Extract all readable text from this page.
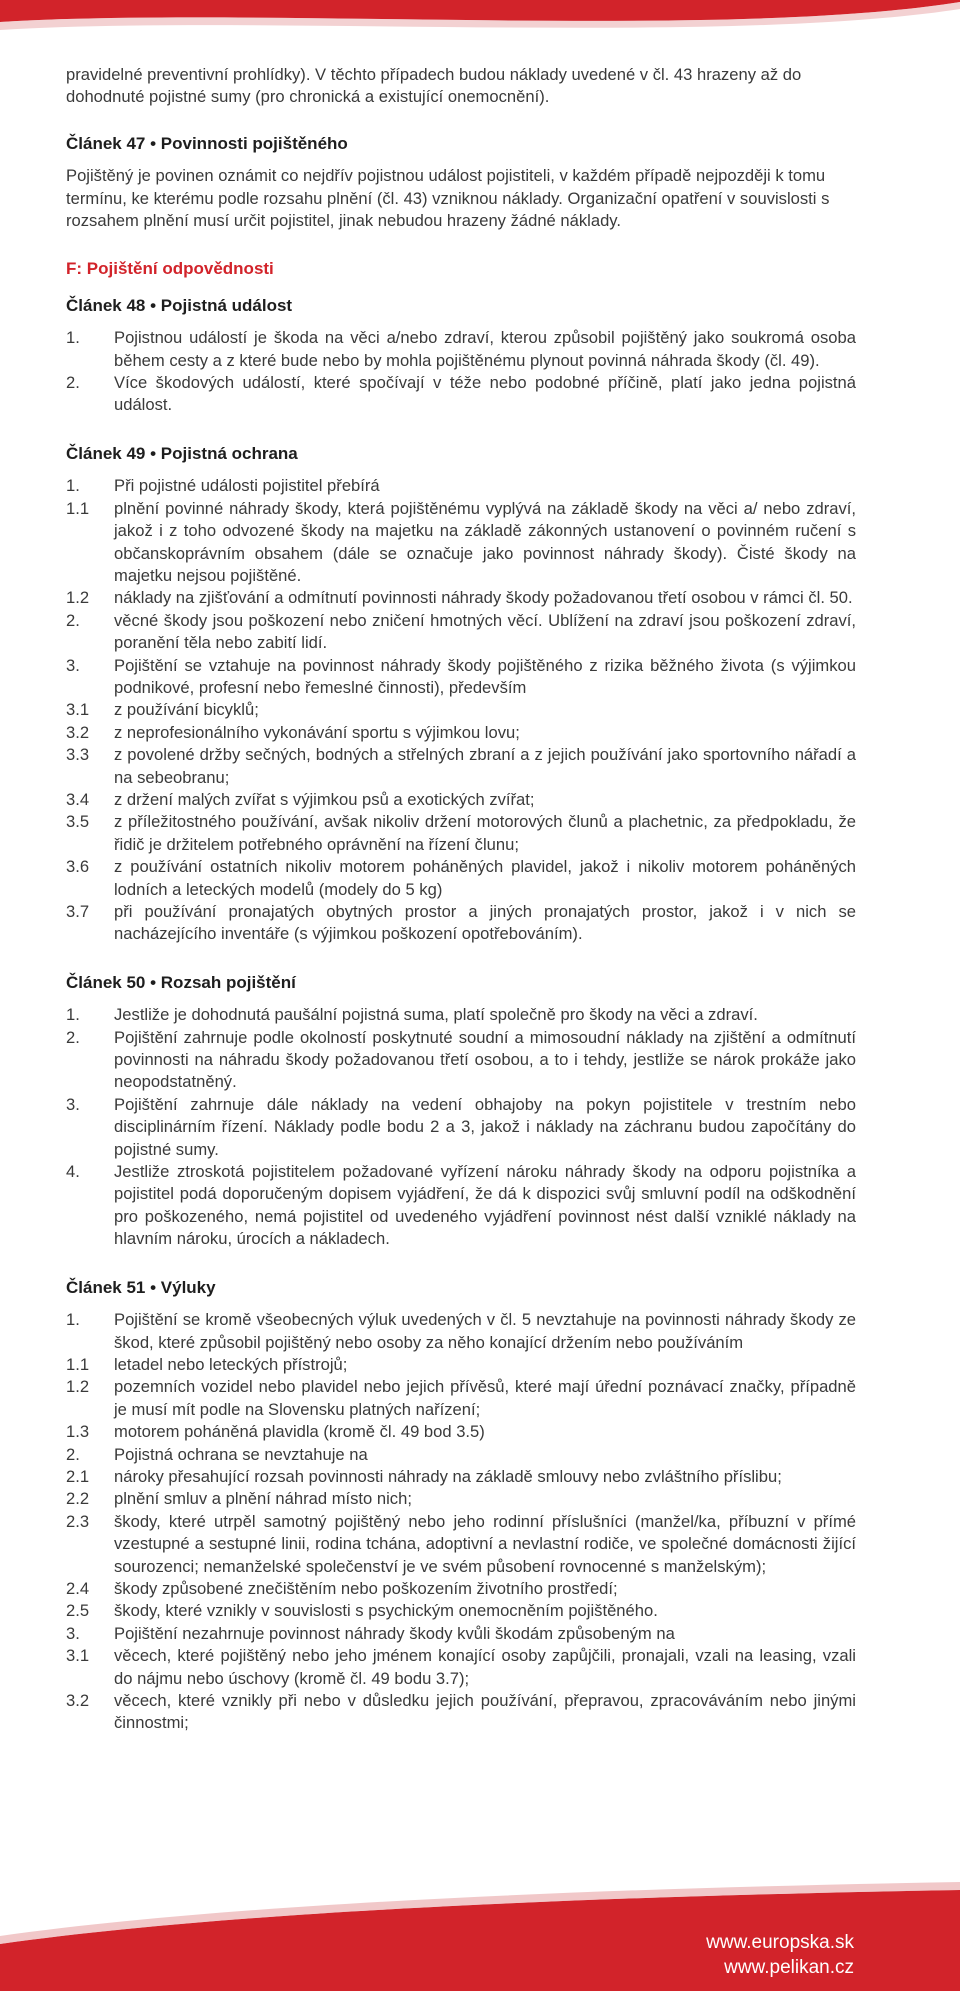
pravidelné preventivní prohlídky). V těchto případech budou náklady uvedené v čl. 43 hrazeny až do dohodnuté pojistné sumy (pro chronická a existující onemocnění).

Článek 47 • Povinnosti pojištěného

Pojištěný je povinen oznámit co nejdřív pojistnou událost pojistiteli, v každém případě nejpozději k tomu termínu, ke kterému podle rozsahu plnění (čl. 43) vzniknou náklady. Organizační opatření v souvislosti s rozsahem plnění musí určit pojistitel, jinak nebudou hrazeny žádné náklady.

F: Pojištění odpovědnosti
Článek 48 • Pojistná událost
1.	Pojistnou událostí je škoda na věci a/nebo zdraví, kterou způsobil pojištěný jako soukromá osoba během cesty a z které bude nebo by mohla pojištěnému plynout povinná náhrada škody (čl. 49).
2.	Více škodových událostí, které spočívají v téže nebo podobné příčině, platí jako jedna pojistná událost.
Článek 49 • Pojistná ochrana
1.	Při pojistné události pojistitel přebírá
1.1	plnění povinné náhrady škody, která pojištěnému vyplývá na základě škody na věci a/ nebo zdraví, jakož i z toho odvozené škody na majetku na základě zákonných ustanovení o povinném ručení s občanskoprávním obsahem (dále se označuje jako povinnost náhrady škody). Čisté škody na majetku nejsou pojištěné.
1.2	náklady na zjišťování a odmítnutí povinnosti náhrady škody požadovanou třetí osobou v rámci čl. 50.
2.	věcné škody jsou poškození nebo zničení hmotných věcí. Ublížení na zdraví jsou poškození zdraví, poranění těla nebo zabití lidí.
3.	Pojištění se vztahuje na povinnost náhrady škody pojištěného z rizika běžného života (s výjimkou podnikové, profesní nebo řemeslné činnosti), především
3.1	z používání bicyklů;
3.2	z neprofesionálního vykonávání sportu s výjimkou lovu;
3.3	z povolené držby sečných, bodných a střelných zbraní a z jejich používání jako sportovního nářadí a na sebeobranu;
3.4	z držení malých zvířat s výjimkou psů a exotických zvířat;
3.5	z příležitostného používání, avšak nikoliv držení motorových člunů a plachetnic, za předpokladu, že řidič je držitelem potřebného oprávnění na řízení člunu;
3.6	z používání ostatních nikoliv motorem poháněných plavidel, jakož i nikoliv motorem poháněných lodních a leteckých modelů (modely do 5 kg)
3.7	při používání pronajatých obytných prostor a jiných pronajatých prostor, jakož i v nich se nacházejícího inventáře (s výjimkou poškození opotřebováním).
Článek 50 • Rozsah pojištění
1.	Jestliže je dohodnutá paušální pojistná suma, platí společně pro škody na věci a zdraví.
2.	Pojištění zahrnuje podle okolností poskytnuté soudní a mimosoudní náklady na zjištění a odmítnutí povinnosti na náhradu škody požadovanou třetí osobou, a to i tehdy, jestliže se nárok prokáže jako neopodstatněný.
3.	Pojištění zahrnuje dále náklady na vedení obhajoby na pokyn pojistitele v trestním nebo disciplinárním řízení. Náklady podle bodu 2 a 3, jakož i náklady na záchranu budou započítány do pojistné sumy.
4.	Jestliže ztroskotá pojistitelem požadované vyřízení nároku náhrady škody na odporu pojistníka a pojistitel podá doporučeným dopisem vyjádření, že dá k dispozici svůj smluvní podíl na odškodnění pro poškozeného, nemá pojistitel od uvedeného vyjádření povinnost nést další vzniklé náklady na hlavním nároku, úrocích a nákladech.
Článek 51 • Výluky
1.	Pojištění se kromě všeobecných výluk uvedených v čl. 5 nevztahuje na povinnosti náhrady škody ze škod, které způsobil pojištěný nebo osoby za něho konající držením nebo používáním
1.1	letadel nebo leteckých přístrojů;
1.2	pozemních vozidel nebo plavidel nebo jejich přívěsů, které mají úřední poznávací značky, případně je musí mít podle na Slovensku platných nařízení;
1.3	motorem poháněná plavidla (kromě čl. 49 bod 3.5)
2.	Pojistná ochrana se nevztahuje na
2.1	nároky přesahující rozsah povinnosti náhrady na základě smlouvy nebo zvláštního příslibu;
2.2	plnění smluv a plnění náhrad místo nich;
2.3	škody, které utrpěl samotný pojištěný nebo jeho rodinní příslušníci (manžel/ka, příbuzní v přímé vzestupné a sestupné linii, rodina tchána, adoptivní a nevlastní rodiče, ve společné domácnosti žijící sourozenci; nemanželské společenství je ve svém působení rovnocenné s manželským);
2.4	škody způsobené znečištěním nebo poškozením životního prostředí;
2.5	škody, které vznikly v souvislosti s psychickým onemocněním pojištěného.
3.	Pojištění nezahrnuje povinnost náhrady škody kvůli škodám způsobeným na
3.1	věcech, které pojištěný nebo jeho jménem konající osoby zapůjčili, pronajali, vzali na leasing, vzali do nájmu nebo úschovy (kromě čl. 49 bodu 3.7);
3.2	věcech, které vznikly při nebo v důsledku jejich používání, přepravou, zpracováváním nebo jinými činnostmi;
www.europska.sk
www.pelikan.cz
